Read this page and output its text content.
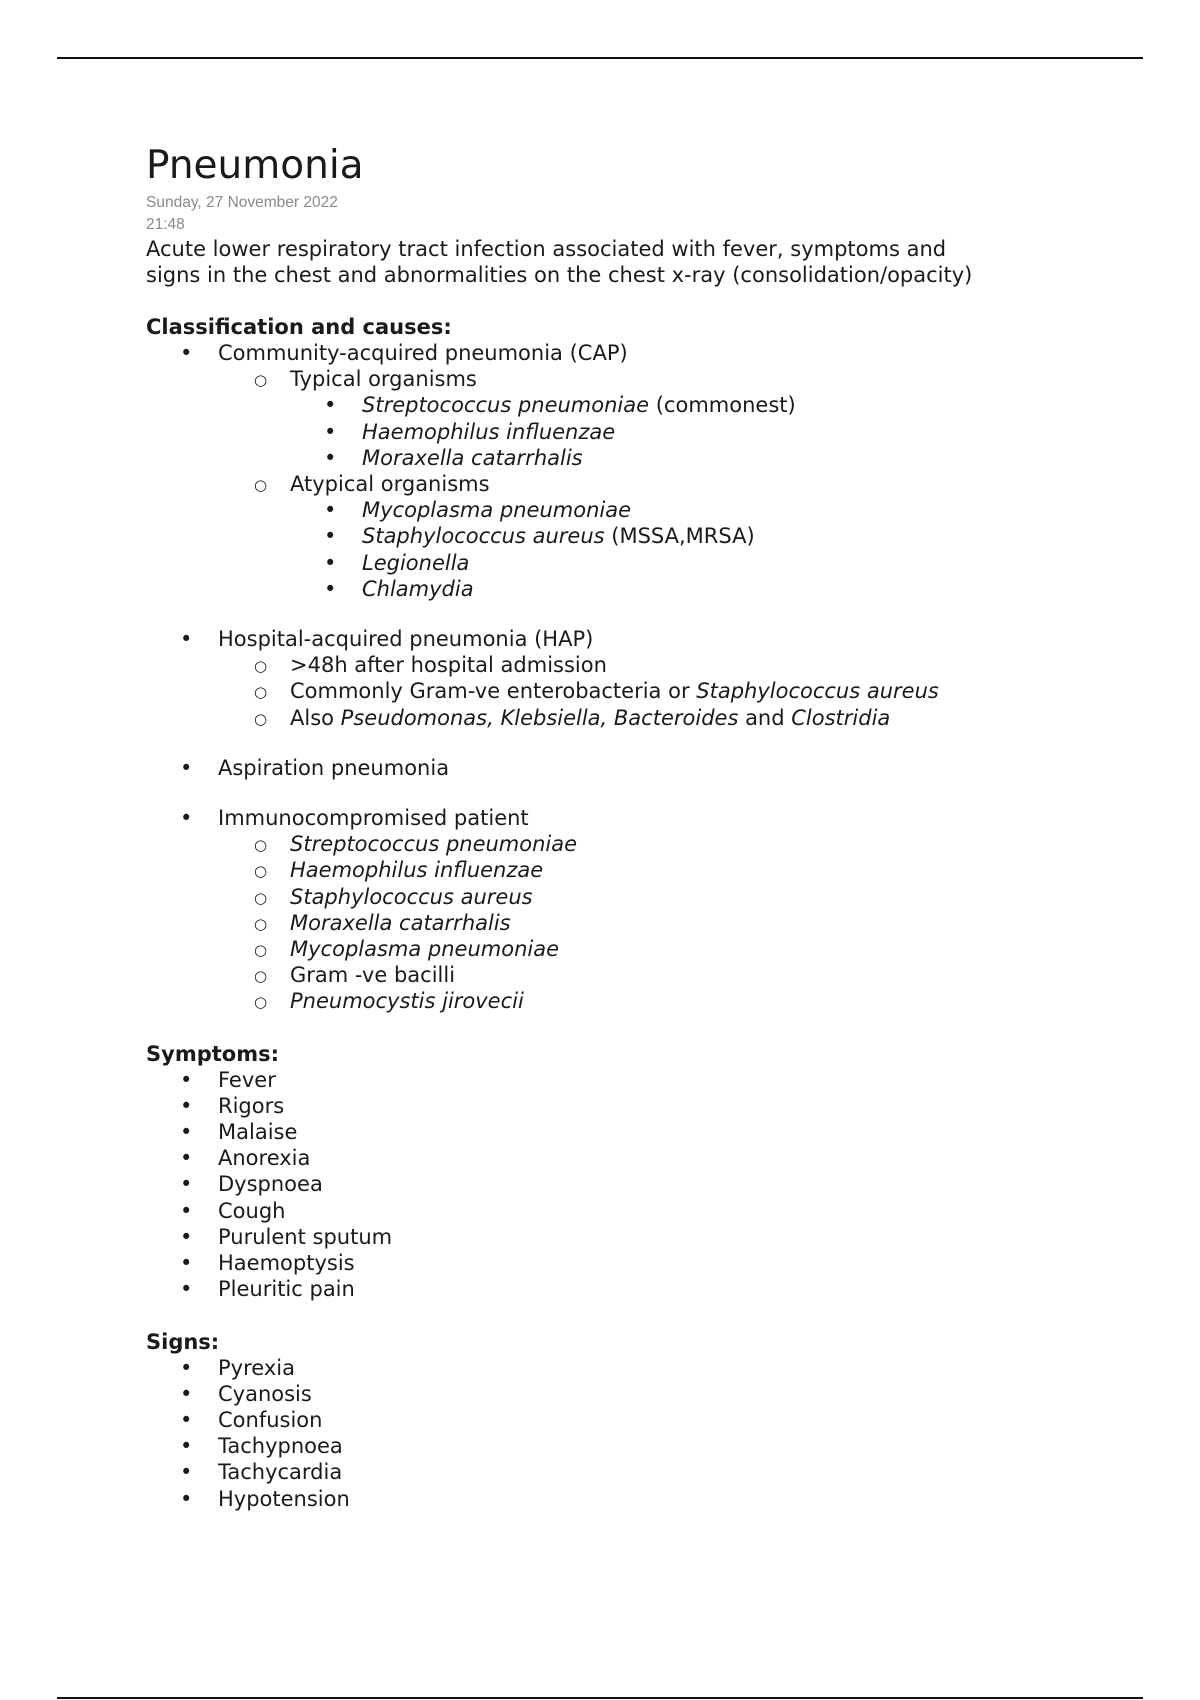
Pneumonia
Sunday, 27 November 2022
21:48
Acute lower respiratory tract infection associated with fever, symptoms and
signs in the chest and abnormalities on the chest x-ray (consolidation/opacity)
Classification and causes:
• Community-acquired pneumonia (CAP)
○ Typical organisms
• Streptococcus pneumoniae (commonest)
• Haemophilus influenzae
• Moraxella catarrhalis
○ Atypical organisms
• Mycoplasma pneumoniae
• Staphylococcus aureus (MSSA,MRSA)
• Legionella
• Chlamydia
• Hospital-acquired pneumonia (HAP)
○ >48h after hospital admission
○ Commonly Gram-ve enterobacteria or Staphylococcus aureus
○ Also Pseudomonas, Klebsiella, Bacteroides and Clostridia
• Aspiration pneumonia
• Immunocompromised patient
○ Streptococcus pneumoniae
○ Haemophilus influenzae
○ Staphylococcus aureus
○ Moraxella catarrhalis
○ Mycoplasma pneumoniae
○ Gram -ve bacilli
○ Pneumocystis jirovecii
Symptoms:
• Fever
• Rigors
• Malaise
• Anorexia
• Dyspnoea
• Cough
• Purulent sputum
• Haemoptysis
• Pleuritic pain
Signs:
• Pyrexia
• Cyanosis
• Confusion
• Tachypnoea
• Tachycardia
• Hypotension
